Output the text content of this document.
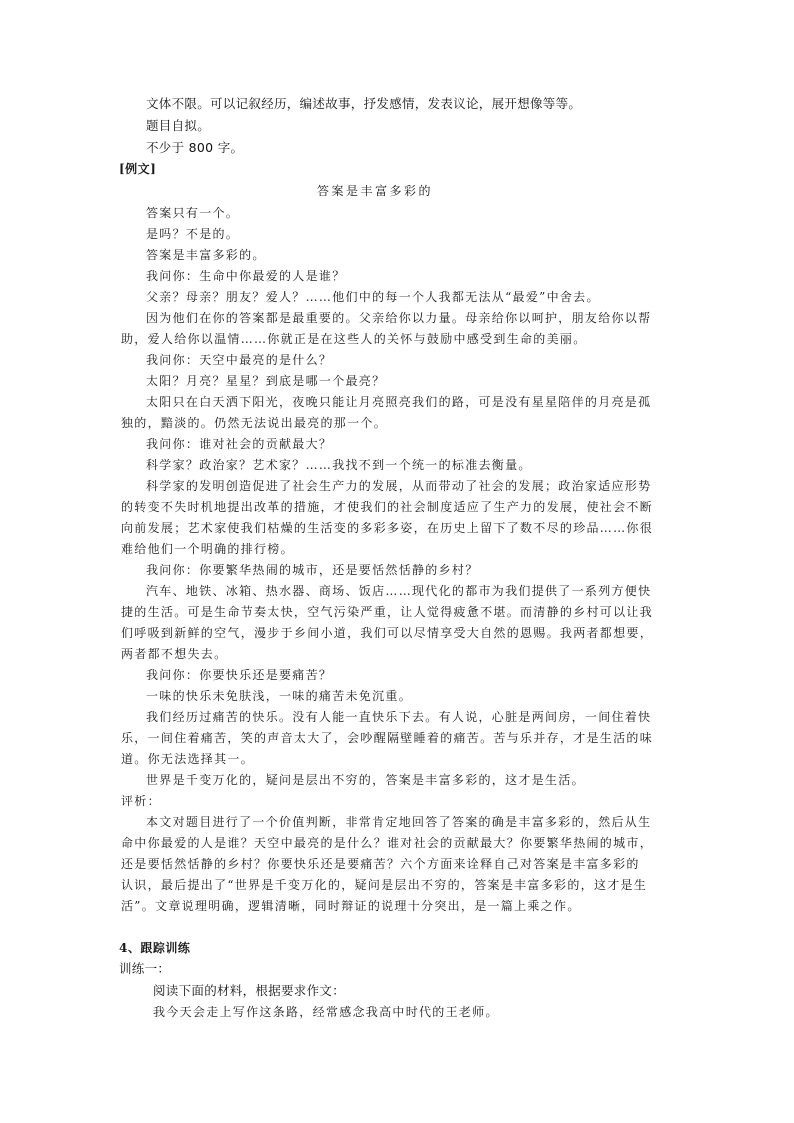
文体不限。可以记叙经历，编述故事，抒发感情，发表议论，展开想像等等。
题目自拟。
不少于 800 字。
[例文]
答案是丰富多彩的
答案只有一个。
是吗？不是的。
答案是丰富多彩的。
我问你：生命中你最爱的人是谁？
父亲？母亲？朋友？爱人？……他们中的每一个人我都无法从“最爱”中舍去。
因为他们在你的答案都是最重要的。父亲给你以力量。母亲给你以呵护，朋友给你以帮
助，爱人给你以温情……你就正是在这些人的关怀与鼓励中感受到生命的美丽。
我问你：天空中最亮的是什么？
太阳？月亮？星星？到底是哪一个最亮？
太阳只在白天洒下阳光，夜晚只能让月亮照亮我们的路，可是没有星星陪伴的月亮是孤
独的，黯淡的。仍然无法说出最亮的那一个。
我问你：谁对社会的贡献最大？
科学家？政治家？艺术家？……我找不到一个统一的标准去衡量。
科学家的发明创造促进了社会生产力的发展，从而带动了社会的发展；政治家适应形势
的转变不失时机地提出改革的措施，才使我们的社会制度适应了生产力的发展，使社会不断
向前发展；艺术家使我们枯燥的生活变的多彩多姿，在历史上留下了数不尽的珍品……你很
难给他们一个明确的排行榜。
我问你：你要繁华热闹的城市，还是要恬然恬静的乡村？
汽车、地铁、冰箱、热水器、商场、饭店……现代化的都市为我们提供了一系列方便快
捷的生活。可是生命节奏太快，空气污染严重，让人觉得疲惫不堪。而清静的乡村可以让我
们呼吸到新鲜的空气，漫步于乡间小道，我们可以尽情享受大自然的恩赐。我两者都想要，
两者都不想失去。
我问你：你要快乐还是要痛苦？
一味的快乐未免肤浅，一味的痛苦未免沉重。
我们经历过痛苦的快乐。没有人能一直快乐下去。有人说，心脏是两间房，一间住着快
乐，一间住着痛苦，笑的声音太大了，会吵醒隔壁睡着的痛苦。苦与乐并存，才是生活的味
道。你无法选择其一。
世界是千变万化的，疑问是层出不穷的，答案是丰富多彩的，这才是生活。
评析：
本文对题目进行了一个价值判断，非常肯定地回答了答案的确是丰富多彩的，然后从生
命中你最爱的人是谁？天空中最亮的是什么？谁对社会的贡献最大？你要繁华热闹的城市，
还是要恬然恬静的乡村？你要快乐还是要痛苦？六个方面来诠释自己对答案是丰富多彩的
认识，最后提出了“世界是千变万化的，疑问是层出不穷的，答案是丰富多彩的，这才是生
活”。文章说理明确，逻辑清晰，同时辩证的说理十分突出，是一篇上乘之作。
4、跟踪训练
训练一：
阅读下面的材料，根据要求作文：
我今天会走上写作这条路，经常感念我高中时代的王老师。
